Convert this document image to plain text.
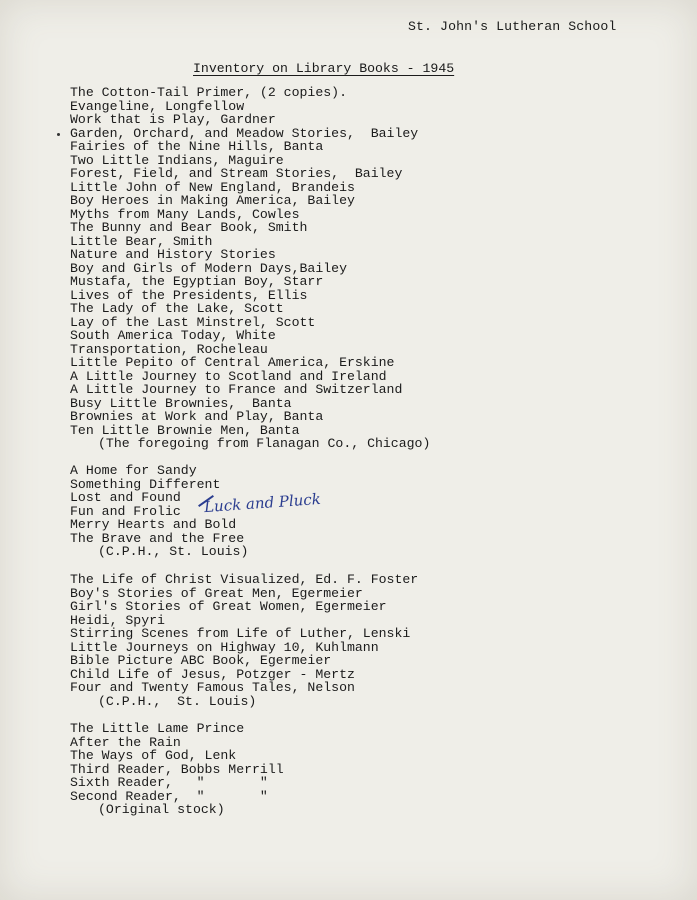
St. John's Lutheran School
Inventory on Library Books - 1945
The Cotton-Tail Primer, (2 copies).
Evangeline, Longfellow
Work that is Play, Gardner
Garden, Orchard, and Meadow Stories,  Bailey
Fairies of the Nine Hills, Banta
Two Little Indians, Maguire
Forest, Field, and Stream Stories,  Bailey
Little John of New England, Brandeis
Boy Heroes in Making America, Bailey
Myths from Many Lands, Cowles
The Bunny and Bear Book, Smith
Little Bear, Smith
Nature and History Stories
Boy and Girls of Modern Days,Bailey
Mustafa, the Egyptian Boy, Starr
Lives of the Presidents, Ellis
The Lady of the Lake, Scott
Lay of the Last Minstrel, Scott
South America Today, White
Transportation, Rocheleau
Little Pepito of Central America, Erskine
A Little Journey to Scotland and Ireland
A Little Journey to France and Switzerland
Busy Little Brownies,  Banta
Brownies at Work and Play, Banta
Ten Little Brownie Men, Banta
(The foregoing from Flanagan Co., Chicago)
A Home for Sandy
Something Different
Lost and Found
Fun and Frolic
Merry Hearts and Bold
The Brave and the Free
(C.P.H., St. Louis)
Luck and Pluck
The Life of Christ Visualized, Ed. F. Foster
Boy's Stories of Great Men, Egermeier
Girl's Stories of Great Women, Egermeier
Heidi, Spyri
Stirring Scenes from Life of Luther, Lenski
Little Journeys on Highway 10, Kuhlmann
Bible Picture ABC Book, Egermeier
Child Life of Jesus, Potzger - Mertz
Four and Twenty Famous Tales, Nelson
(C.P.H.,  St. Louis)
The Little Lame Prince
After the Rain
The Ways of God, Lenk
Third Reader, Bobbs Merrill
Sixth Reader,   "       "
Second Reader,  "       "
(Original stock)
